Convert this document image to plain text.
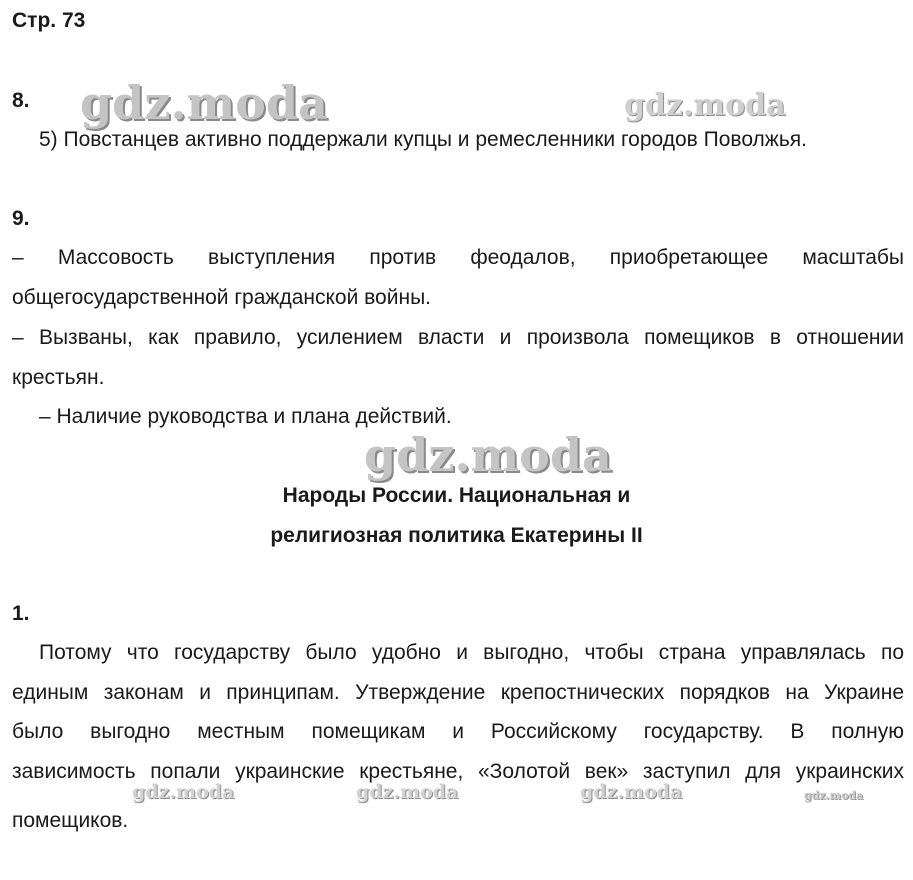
gdz.moda	gdz.moda
gdz.moda
gdz.moda	gdz.moda	gdz.moda	gdz.moda
Стр. 73
8.
5) Повстанцев активно поддержали купцы и ремесленники городов Поволжья.
9.
– Массовость выступления против феодалов, приобретающее масштабы
общегосударственной гражданской войны.
– Вызваны, как правило, усилением власти и произвола помещиков в отношении
крестьян.
– Наличие руководства и плана действий.
Народы России. Национальная и
религиозная политика Екатерины II
1.
Потому что государству было удобно и выгодно, чтобы страна управлялась по
единым законам и принципам. Утверждение крепостнических порядков на Украине
было выгодно местным помещикам и Российскому государству. В полную
зависимость попали украинские крестьяне, «Золотой век» заступил для украинских
помещиков.
